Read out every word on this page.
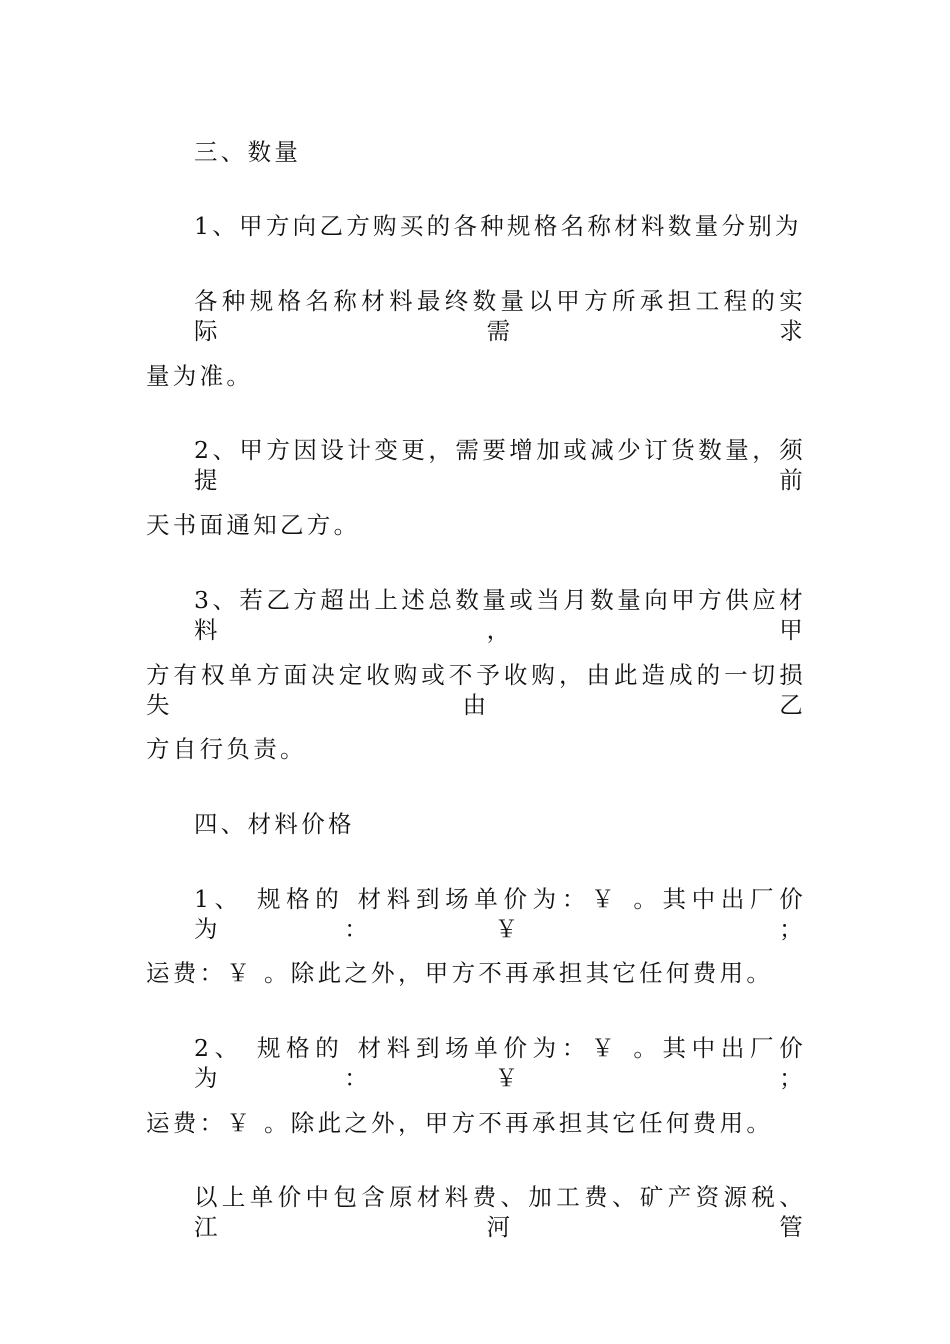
三、数量
1、甲方向乙方购买的各种规格名称材料数量分别为
各种规格名称材料最终数量以甲方所承担工程的实际需求
量为准。
2、甲方因设计变更，需要增加或减少订货数量，须提前
天书面通知乙方。
3、若乙方超出上述总数量或当月数量向甲方供应材料，甲
方有权单方面决定收购或不予收购，由此造成的一切损失由乙
方自行负责。
四、材料价格
1、 规格的 材料到场单价为：￥ 。其中出厂价为：￥ ；
运费：￥ 。除此之外，甲方不再承担其它任何费用。
2、 规格的 材料到场单价为：￥ 。其中出厂价为：￥ ；
运费：￥ 。除此之外，甲方不再承担其它任何费用。
以上单价中包含原材料费、加工费、矿产资源税、江河管
